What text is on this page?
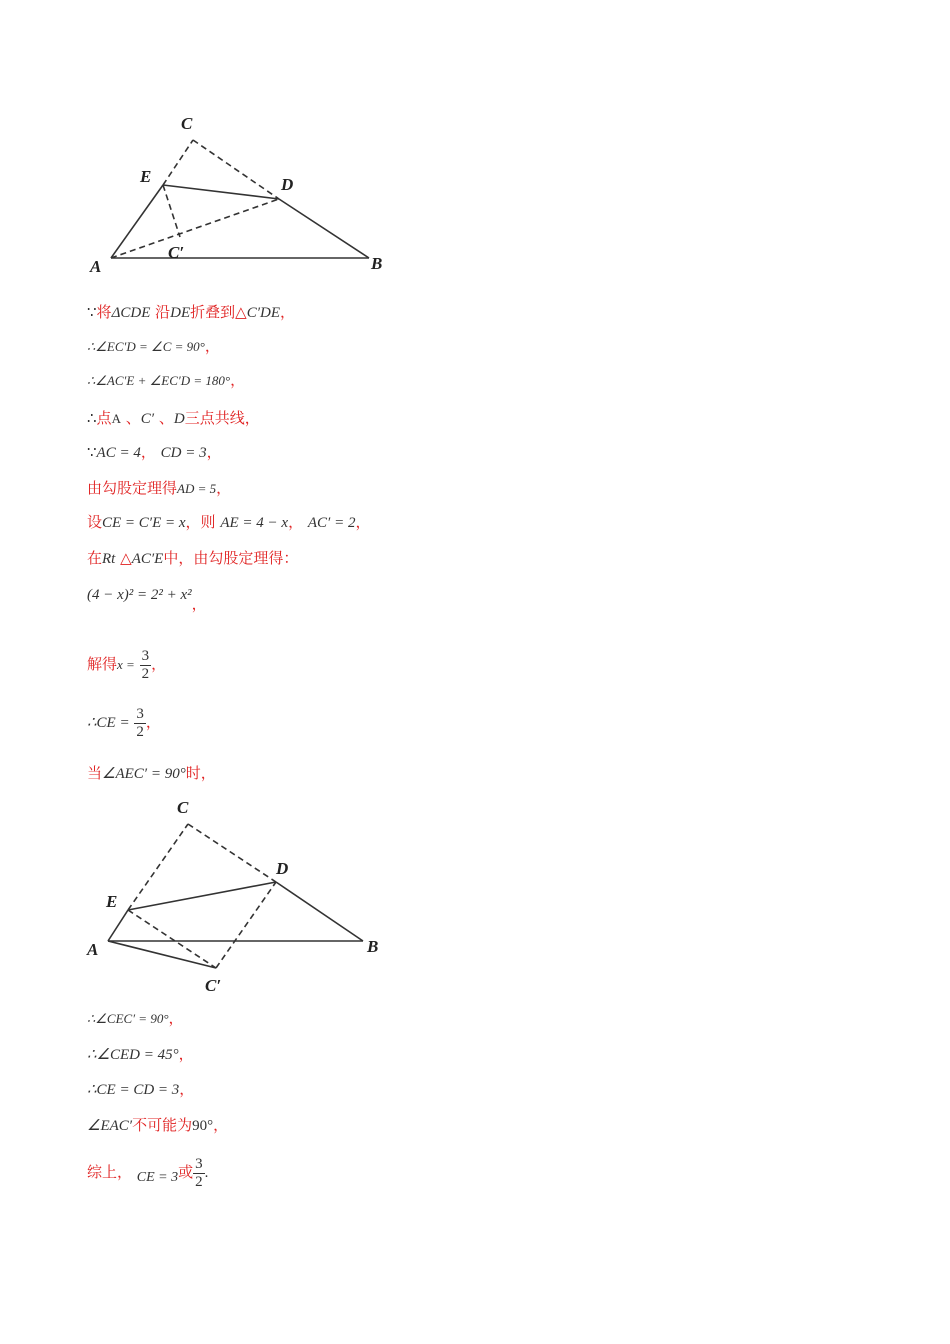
C
E	D
C′
A	B
∵将ΔCDE 沿DE折叠到△C′DE，
∴∠EC′D = ∠C = 90°，
∴∠AC′E + ∠EC′D = 180°，
∴点A 、C′ 、D三点共线，
∵AC = 4， CD = 3，
由勾股定理得AD = 5，
设CE = C′E = x，则 AE = 4 − x， AC′ = 2，
在Rt △AC′E中，由勾股定理得：
(4 − x)² = 2² + x²，
解得$x = \frac{3}{2}$ ，
∴CE = $\frac{3}{2}$ ，
当∠AEC′ = 90°时，
C
E
D
C′
A	B
∴∠CEC′ = 90°，
∴∠CED = 45°，
∴CE = CD = 3，
∠EAC′不可能为90°，
综上， CE = 3或 $\frac{3}{2}$ .
